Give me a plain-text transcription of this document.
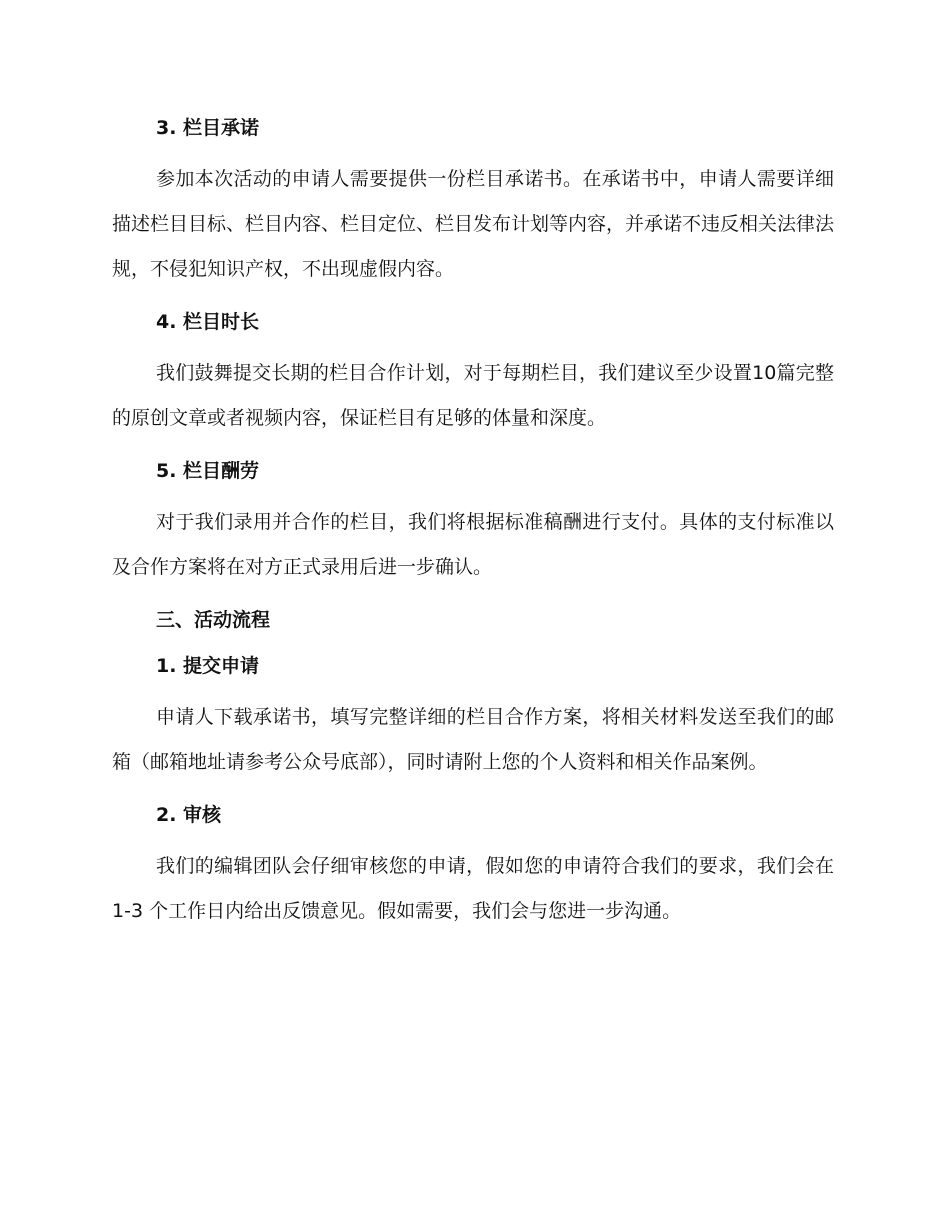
3. 栏目承诺

参加本次活动的申请人需要提供一份栏目承诺书。在承诺书中，申请人需要详细描述栏目目标、栏目内容、栏目定位、栏目发布计划等内容，并承诺不违反相关法律法规，不侵犯知识产权，不出现虚假内容。

4. 栏目时长

我们鼓舞提交长期的栏目合作计划，对于每期栏目，我们建议至少设置10篇完整的原创文章或者视频内容，保证栏目有足够的体量和深度。

5. 栏目酬劳

对于我们录用并合作的栏目，我们将根据标准稿酬进行支付。具体的支付标准以及合作方案将在对方正式录用后进一步确认。

三、活动流程
1. 提交申请

申请人下载承诺书，填写完整详细的栏目合作方案，将相关材料发送至我们的邮箱（邮箱地址请参考公众号底部），同时请附上您的个人资料和相关作品案例。

2. 审核

我们的编辑团队会仔细审核您的申请，假如您的申请符合我们的要求，我们会在 1-3 个工作日内给出反馈意见。假如需要，我们会与您进一步沟通。
